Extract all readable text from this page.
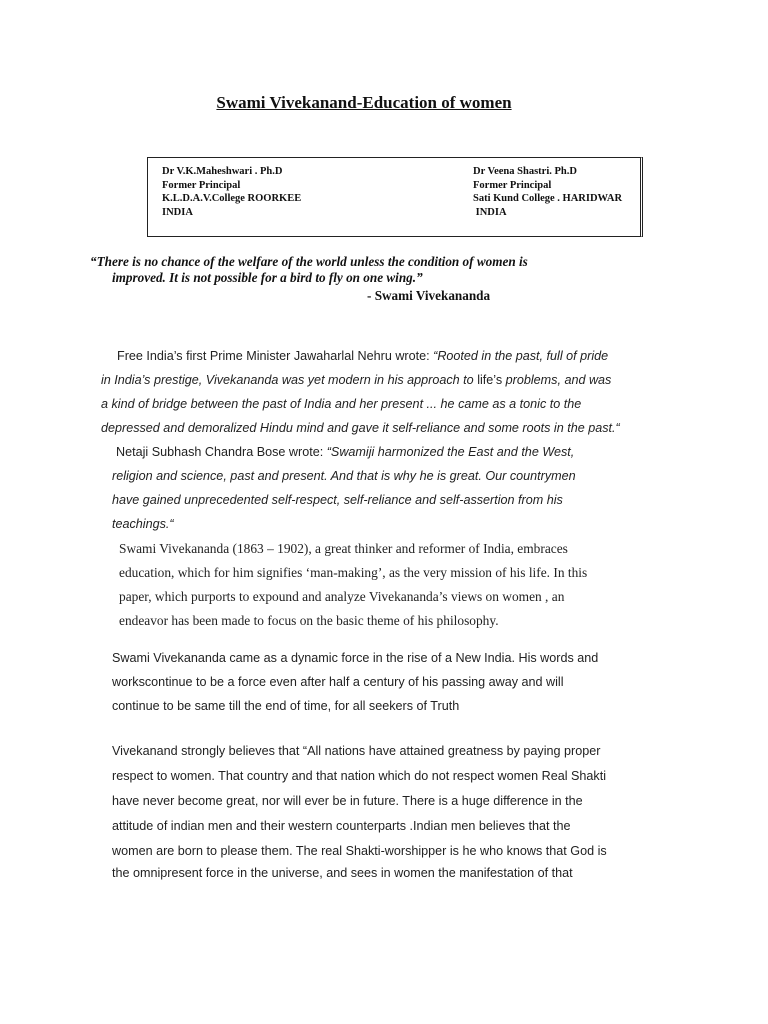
Swami Vivekanand-Education of women
Dr V.K.Maheshwari . Ph.D
Former Principal
K.L.D.A.V.College ROORKEE
INDIA
Dr Veena Shastri. Ph.D
Former Principal
Sati Kund College . HARIDWAR
INDIA
“There is no chance of the welfare of the world unless the condition of women is
improved. It is not possible for a bird to fly on one wing.”
- Swami Vivekananda
Free India’s first Prime Minister Jawaharlal Nehru wrote: “Rooted in the past, full of pride
in India’s prestige, Vivekananda was yet modern in his approach to life’s problems, and was
a kind of bridge between the past of India and her present ... he came as a tonic to the
depressed and demoralized Hindu mind and gave it self-reliance and some roots in the past.“
Netaji Subhash Chandra Bose wrote: “Swamiji harmonized the East and the West,
religion and science, past and present. And that is why he is great. Our countrymen
have gained unprecedented self-respect, self-reliance and self-assertion from his
teachings.“
Swami Vivekananda (1863 – 1902), a great thinker and reformer of India, embraces
education, which for him signifies ‘man-making’, as the very mission of his life. In this
paper, which purports to expound and analyze Vivekananda’s views on women , an
endeavor has been made to focus on the basic theme of his philosophy.
Swami Vivekananda came as a dynamic force in the rise of a New India. His words and
workscontinue to be a force even after half a century of his passing away and will
continue to be same till the end of time, for all seekers of Truth
Vivekanand strongly believes that “All nations have attained greatness by paying proper
respect to women. That country and that nation which do not respect women Real Shakti
have never become great, nor will ever be in future. There is a huge difference in the
attitude of indian men and their western counterparts .Indian men believes that the
women are born to please them. The real Shakti-worshipper is he who knows that God is
the omnipresent force in the universe, and sees in women the manifestation of that
